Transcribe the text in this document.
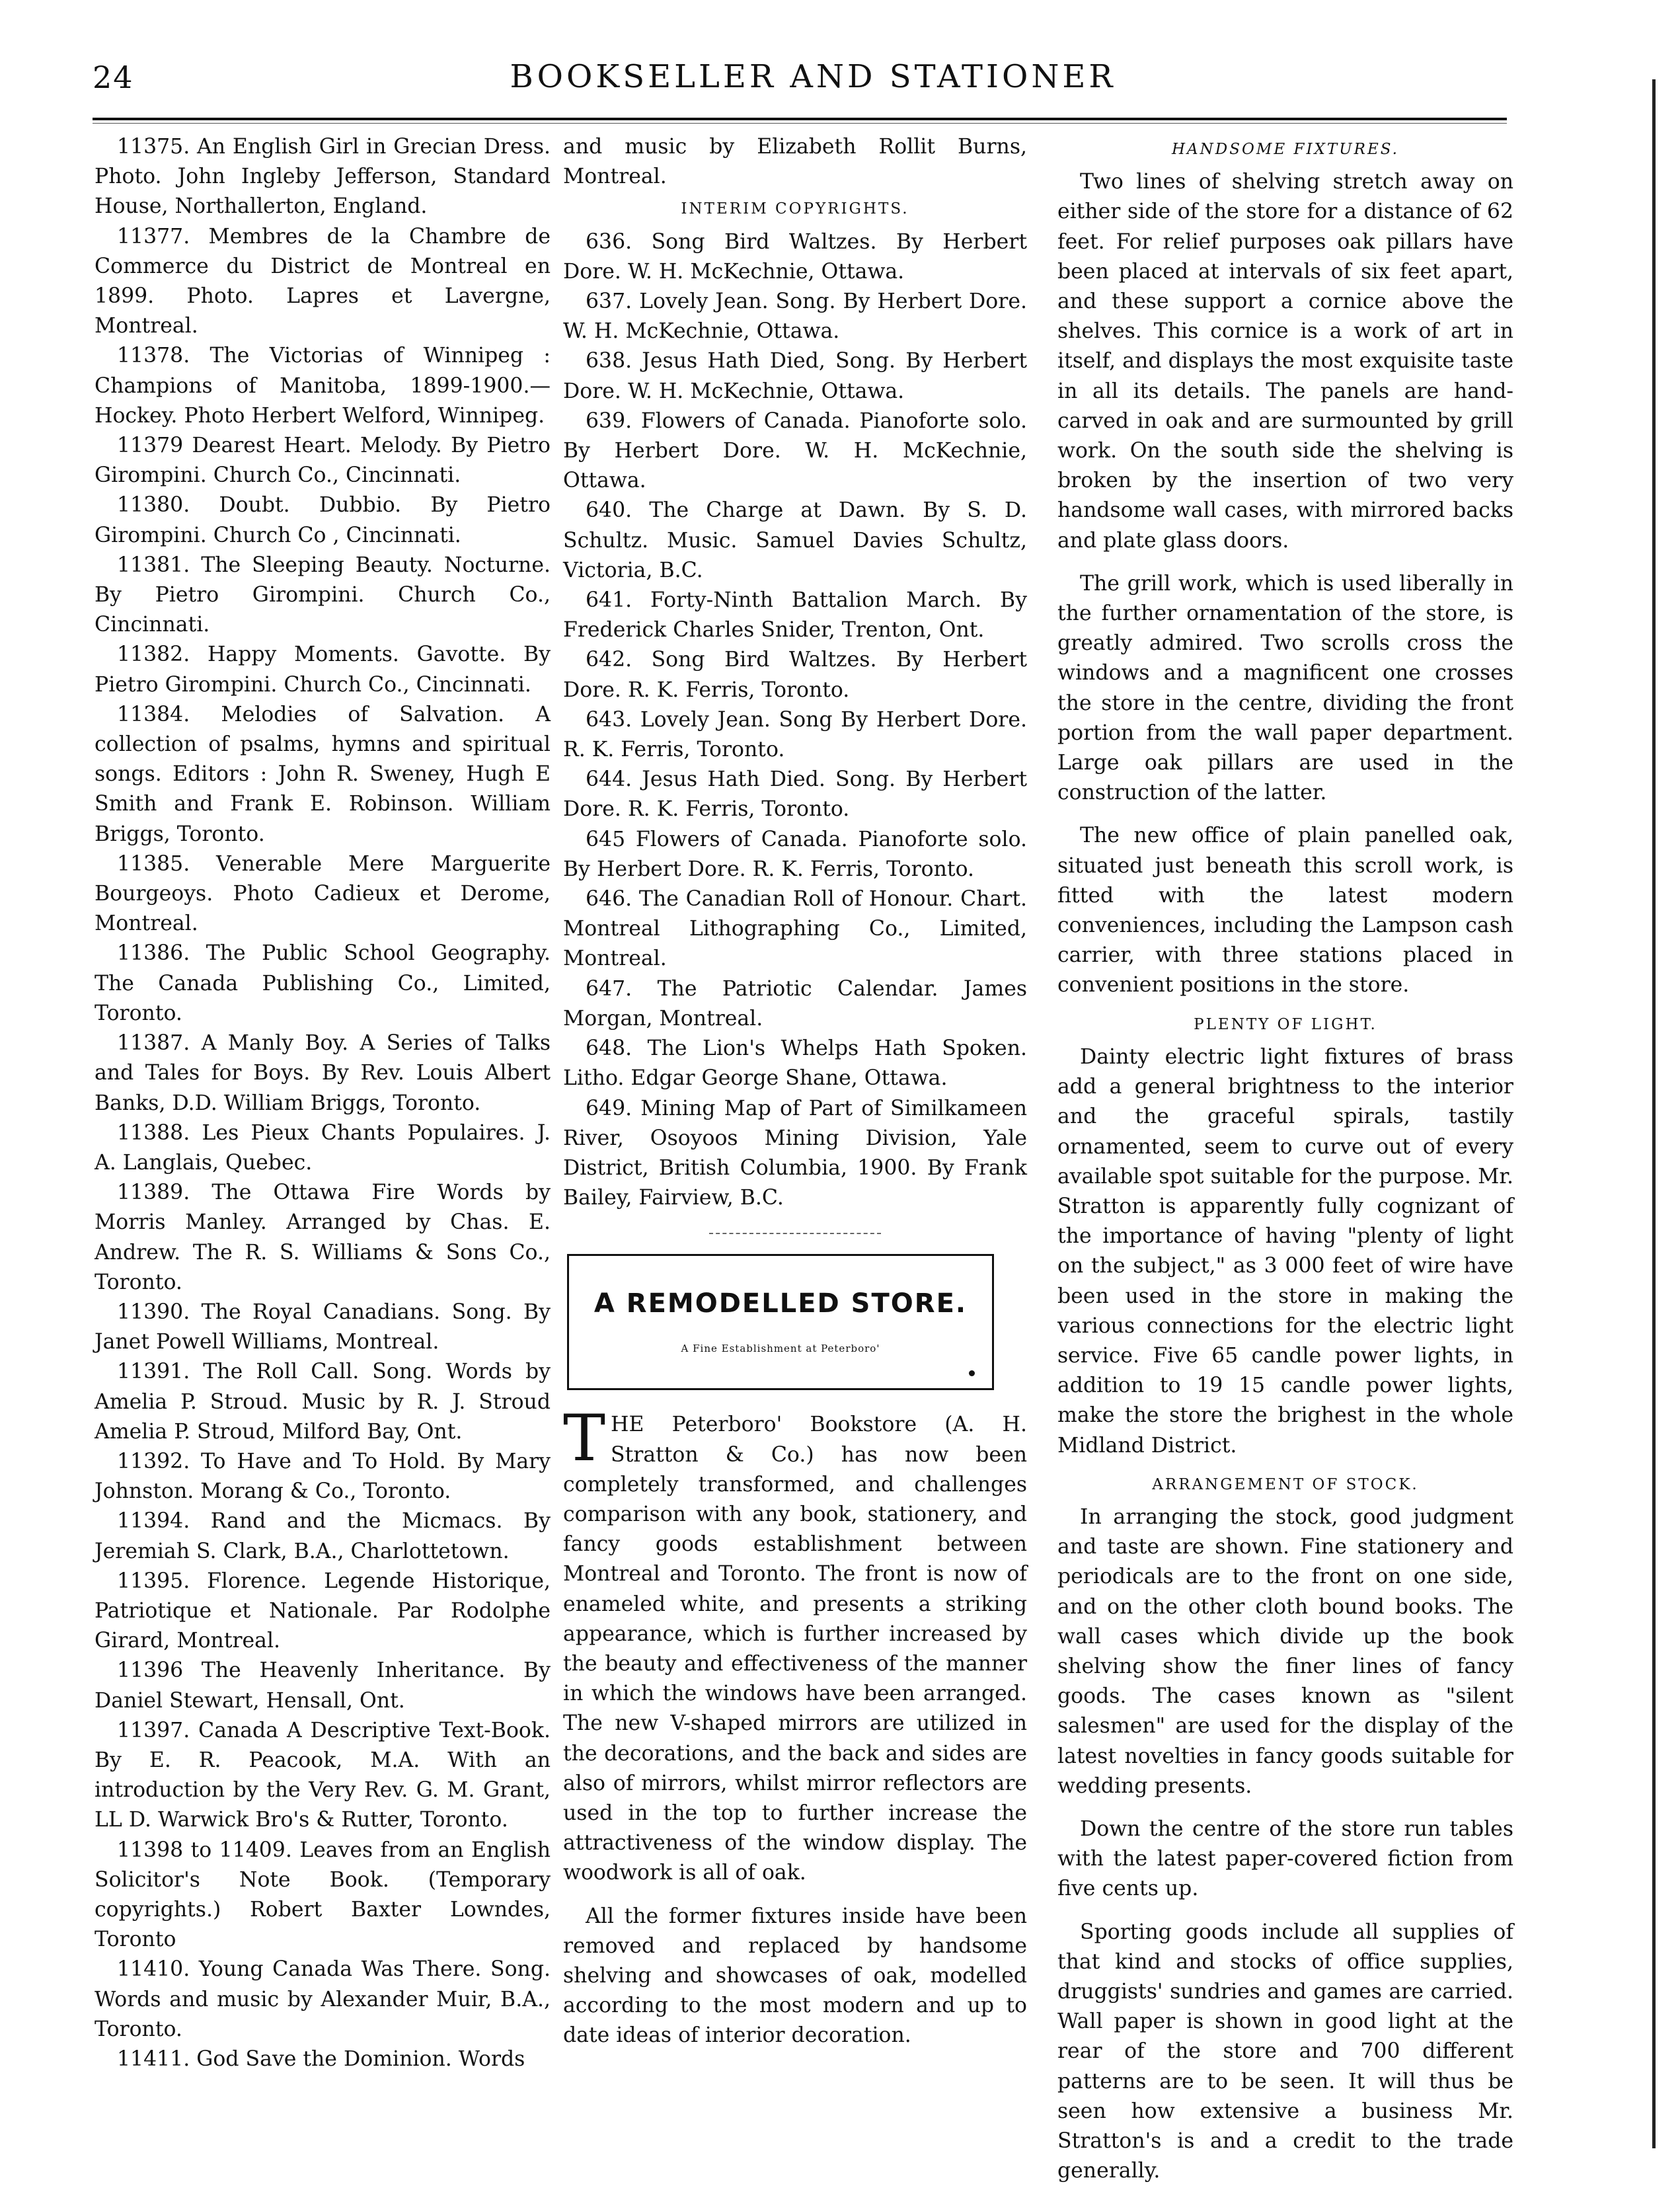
24	BOOKSELLER AND STATIONER

11375. An English Girl in Grecian Dress. Photo. John Ingleby Jefferson, Standard House, Northallerton, England.

11377. Membres de la Chambre de Commerce du District de Montreal en 1899. Photo. Lapres et Lavergne, Montreal.

11378. The Victorias of Winnipeg : Champions of Manitoba, 1899-1900.— Hockey. Photo Herbert Welford, Winnipeg.

11379 Dearest Heart. Melody. By Pietro Girompini. Church Co., Cincinnati.

11380. Doubt. Dubbio. By Pietro Girompini. Church Co , Cincinnati.

11381. The Sleeping Beauty. Nocturne. By Pietro Girompini. Church Co., Cincinnati.

11382. Happy Moments. Gavotte. By Pietro Girompini. Church Co., Cincinnati.

11384. Melodies of Salvation. A collection of psalms, hymns and spiritual songs. Editors : John R. Sweney, Hugh E Smith and Frank E. Robinson. William Briggs, Toronto.

11385. Venerable Mere Marguerite Bourgeoys. Photo Cadieux et Derome, Montreal.

11386. The Public School Geography. The Canada Publishing Co., Limited, Toronto.

11387. A Manly Boy. A Series of Talks and Tales for Boys. By Rev. Louis Albert Banks, D.D. William Briggs, Toronto.

11388. Les Pieux Chants Populaires. J. A. Langlais, Quebec.

11389. The Ottawa Fire Words by Morris Manley. Arranged by Chas. E. Andrew. The R. S. Williams & Sons Co., Toronto.

11390. The Royal Canadians. Song. By Janet Powell Williams, Montreal.

11391. The Roll Call. Song. Words by Amelia P. Stroud. Music by R. J. Stroud Amelia P. Stroud, Milford Bay, Ont.

11392. To Have and To Hold. By Mary Johnston. Morang & Co., Toronto.

11394. Rand and the Micmacs. By Jeremiah S. Clark, B.A., Charlottetown.

11395. Florence. Legende Historique, Patriotique et Nationale. Par Rodolphe Girard, Montreal.

11396 The Heavenly Inheritance. By Daniel Stewart, Hensall, Ont.

11397. Canada A Descriptive Text-Book. By E. R. Peacook, M.A. With an introduction by the Very Rev. G. M. Grant, LL D. Warwick Bro's & Rutter, Toronto.

11398 to 11409. Leaves from an English Solicitor's Note Book. (Temporary copyrights.) Robert Baxter Lowndes, Toronto

11410. Young Canada Was There. Song. Words and music by Alexander Muir, B.A., Toronto.

11411. God Save the Dominion. Words

and music by Elizabeth Rollit Burns, Montreal.

INTERIM COPYRIGHTS.

636. Song Bird Waltzes. By Herbert Dore. W. H. McKechnie, Ottawa.

637. Lovely Jean. Song. By Herbert Dore. W. H. McKechnie, Ottawa.

638. Jesus Hath Died, Song. By Herbert Dore. W. H. McKechnie, Ottawa.

639. Flowers of Canada. Pianoforte solo. By Herbert Dore. W. H. McKechnie, Ottawa.

640. The Charge at Dawn. By S. D. Schultz. Music. Samuel Davies Schultz, Victoria, B.C.

641. Forty-Ninth Battalion March. By Frederick Charles Snider, Trenton, Ont.

642. Song Bird Waltzes. By Herbert Dore. R. K. Ferris, Toronto.

643. Lovely Jean. Song By Herbert Dore. R. K. Ferris, Toronto.

644. Jesus Hath Died. Song. By Herbert Dore. R. K. Ferris, Toronto.

645 Flowers of Canada. Pianoforte solo. By Herbert Dore. R. K. Ferris, Toronto.

646. The Canadian Roll of Honour. Chart. Montreal Lithographing Co., Limited, Montreal.

647. The Patriotic Calendar. James Morgan, Montreal.

648. The Lion's Whelps Hath Spoken. Litho. Edgar George Shane, Ottawa.

649. Mining Map of Part of Similkameen River, Osoyoos Mining Division, Yale District, British Columbia, 1900. By Frank Bailey, Fairview, B.C.

A REMODELLED STORE.
A Fine Establishment at Peterboro'

THE Peterboro' Bookstore (A. H. Stratton & Co.) has now been completely transformed, and challenges comparison with any book, stationery, and fancy goods establishment between Montreal and Toronto. The front is now of enameled white, and presents a striking appearance, which is further increased by the beauty and effectiveness of the manner in which the windows have been arranged. The new V-shaped mirrors are utilized in the decorations, and the back and sides are also of mirrors, whilst mirror reflectors are used in the top to further increase the attractiveness of the window display. The woodwork is all of oak.

All the former fixtures inside have been removed and replaced by handsome shelving and showcases of oak, modelled according to the most modern and up to date ideas of interior decoration.

HANDSOME FIXTURES.

Two lines of shelving stretch away on either side of the store for a distance of 62 feet. For relief purposes oak pillars have been placed at intervals of six feet apart, and these support a cornice above the shelves. This cornice is a work of art in itself, and displays the most exquisite taste in all its details. The panels are hand-carved in oak and are surmounted by grill work. On the south side the shelving is broken by the insertion of two very handsome wall cases, with mirrored backs and plate glass doors.

The grill work, which is used liberally in the further ornamentation of the store, is greatly admired. Two scrolls cross the windows and a magnificent one crosses the store in the centre, dividing the front portion from the wall paper department. Large oak pillars are used in the construction of the latter.

The new office of plain panelled oak, situated just beneath this scroll work, is fitted with the latest modern conveniences, including the Lampson cash carrier, with three stations placed in convenient positions in the store.

PLENTY OF LIGHT.

Dainty electric light fixtures of brass add a general brightness to the interior and the graceful spirals, tastily ornamented, seem to curve out of every available spot suitable for the purpose. Mr. Stratton is apparently fully cognizant of the importance of having "plenty of light on the subject," as 3 000 feet of wire have been used in the store in making the various connections for the electric light service. Five 65 candle power lights, in addition to 19 15 candle power lights, make the store the brighest in the whole Midland District.

ARRANGEMENT OF STOCK.

In arranging the stock, good judgment and taste are shown. Fine stationery and periodicals are to the front on one side, and on the other cloth bound books. The wall cases which divide up the book shelving show the finer lines of fancy goods. The cases known as "silent salesmen" are used for the display of the latest novelties in fancy goods suitable for wedding presents.

Down the centre of the store run tables with the latest paper-covered fiction from five cents up.

Sporting goods include all supplies of that kind and stocks of office supplies, druggists' sundries and games are carried. Wall paper is shown in good light at the rear of the store and 700 different patterns are to be seen. It will thus be seen how extensive a business Mr. Stratton's is and a credit to the trade generally.
